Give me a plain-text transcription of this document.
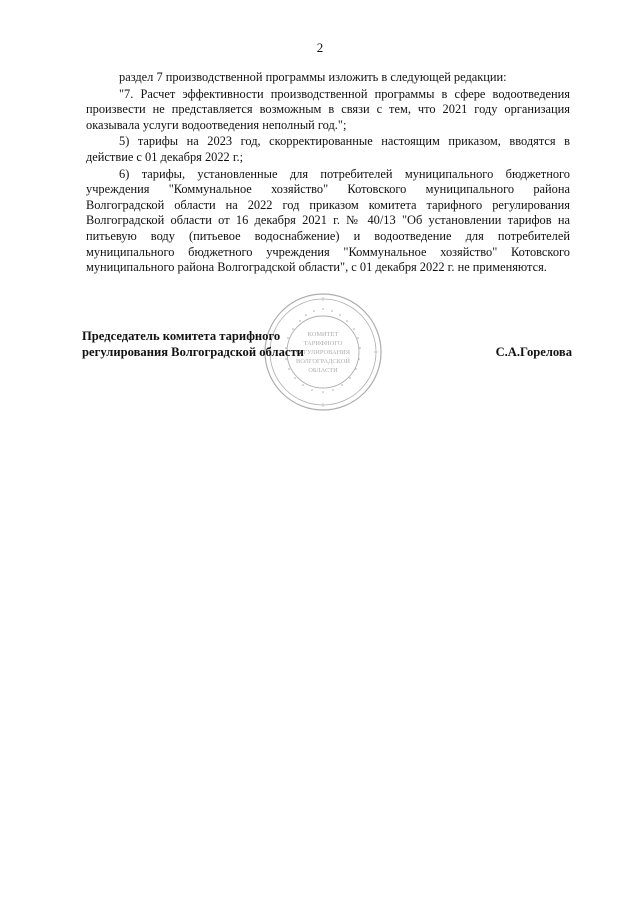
2

раздел 7 производственной программы изложить в следующей редакции:

"7. Расчет эффективности производственной программы в сфере водоотведения произвести не представляется возможным в связи с тем, что 2021 году организация оказывала услуги водоотведения неполный год.";

5) тарифы на 2023 год, скорректированные настоящим приказом, вводятся в действие с 01 декабря 2022 г.;

6) тарифы, установленные для потребителей муниципального бюджетного учреждения "Коммунальное хозяйство" Котовского муниципального района Волгоградской области на 2022 год приказом комитета тарифного регулирования Волгоградской области от 16 декабря 2021 г. № 40/13 "Об установлении тарифов на питьевую воду (питьевое водоснабжение) и водоотведение для потребителей муниципального бюджетного учреждения "Коммунальное хозяйство" Котовского муниципального района Волгоградской области", с 01 декабря 2022 г. не применяются.

КОМИТЕТ
ТАРИФНОГО
РЕГУЛИРОВАНИЯ
ВОЛГОГРАДСКОЙ
ОБЛАСТИ
Председатель комитета тарифного
регулирования Волгоградской области	С.А.Горелова
